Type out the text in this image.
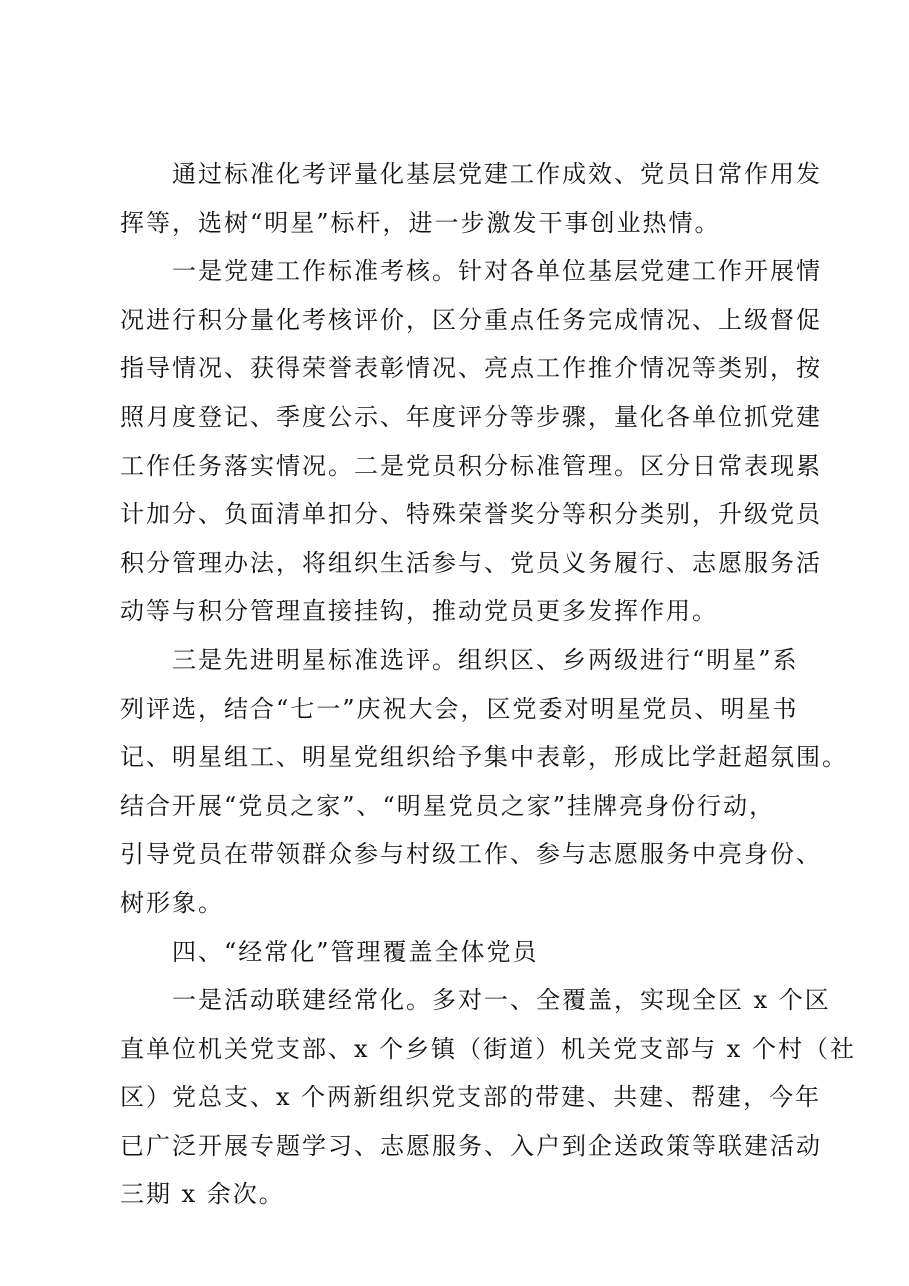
通过标准化考评量化基层党建工作成效、党员日常作用发
挥等，选树“明星”标杆，进一步激发干事创业热情。
一是党建工作标准考核。针对各单位基层党建工作开展情
况进行积分量化考核评价，区分重点任务完成情况、上级督促
指导情况、获得荣誉表彰情况、亮点工作推介情况等类别，按
照月度登记、季度公示、年度评分等步骤，量化各单位抓党建
工作任务落实情况。二是党员积分标准管理。区分日常表现累
计加分、负面清单扣分、特殊荣誉奖分等积分类别，升级党员
积分管理办法，将组织生活参与、党员义务履行、志愿服务活
动等与积分管理直接挂钩，推动党员更多发挥作用。
三是先进明星标准选评。组织区、乡两级进行“明星”系
列评选，结合“七一”庆祝大会，区党委对明星党员、明星书
记、明星组工、明星党组织给予集中表彰，形成比学赶超氛围。
结合开展“党员之家”、“明星党员之家”挂牌亮身份行动，
引导党员在带领群众参与村级工作、参与志愿服务中亮身份、
树形象。
四、“经常化”管理覆盖全体党员
一是活动联建经常化。多对一、全覆盖，实现全区 x 个区
直单位机关党支部、x 个乡镇（街道）机关党支部与 x 个村（社
区）党总支、x 个两新组织党支部的带建、共建、帮建，今年
已广泛开展专题学习、志愿服务、入户到企送政策等联建活动
三期 x 余次。
